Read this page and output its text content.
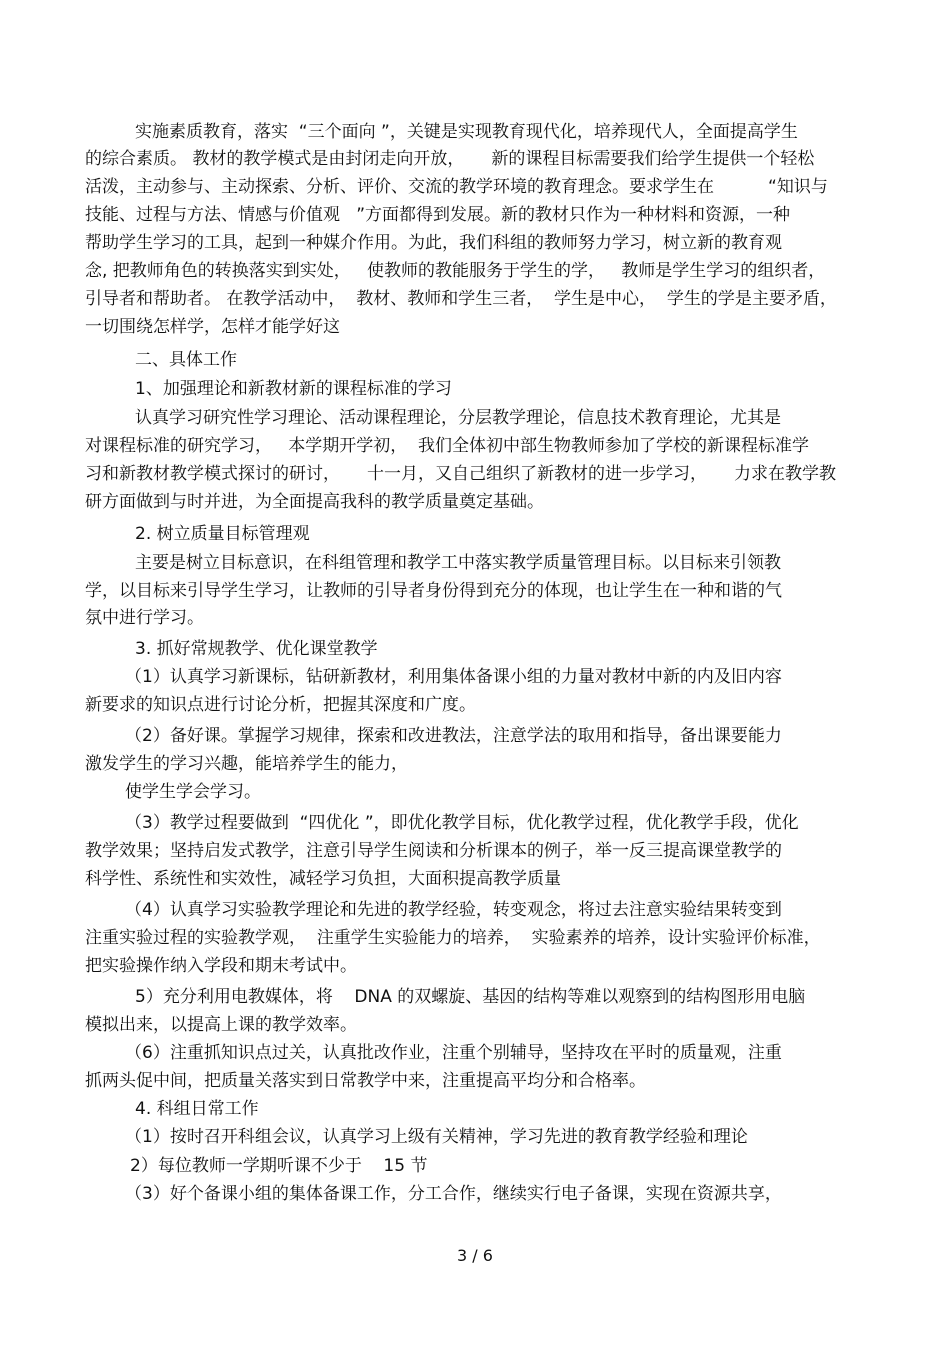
实施素质教育，落实  “三个面向 ”，关键是实现教育现代化，培养现代人，全面提高学生
的综合素质。 教材的教学模式是由封闭走向开放，     新的课程目标需要我们给学生提供一个轻松
活泼，主动参与、主动探索、分析、评价、交流的教学环境的教育理念。要求学生在          “知识与
技能、过程与方法、情感与价值观   ”方面都得到发展。新的教材只作为一种材料和资源，一种
帮助学生学习的工具，起到一种媒介作用。为此，我们科组的教师努力学习，树立新的教育观
念, 把教师角色的转换落实到实处，   使教师的教能服务于学生的学，   教师是学生学习的组织者，
引导者和帮助者。 在教学活动中，  教材、教师和学生三者，  学生是中心，  学生的学是主要矛盾，
一切围绕怎样学，怎样才能学好这
二、具体工作
1、加强理论和新教材新的课程标准的学习
认真学习研究性学习理论、活动课程理论，分层教学理论，信息技术教育理论，尤其是
对课程标准的研究学习，   本学期开学初，  我们全体初中部生物教师参加了学校的新课程标准学
习和新教材教学模式探讨的研讨，     十一月，又自己组织了新教材的进一步学习，     力求在教学教
研方面做到与时并进，为全面提高我科的教学质量奠定基础。
2. 树立质量目标管理观
主要是树立目标意识，在科组管理和教学工中落实教学质量管理目标。以目标来引领教
学，以目标来引导学生学习，让教师的引导者身份得到充分的体现，也让学生在一种和谐的气
氛中进行学习。
3. 抓好常规教学、优化课堂教学
（1）认真学习新课标，钻研新教材，利用集体备课小组的力量对教材中新的内及旧内容
新要求的知识点进行讨论分析，把握其深度和广度。
（2）备好课。掌握学习规律，探索和改进教法，注意学法的取用和指导，备出课要能力
激发学生的学习兴趣，能培养学生的能力，
使学生学会学习。
（3）教学过程要做到  “四优化 ”，即优化教学目标，优化教学过程，优化教学手段，优化
教学效果；坚持启发式教学，注意引导学生阅读和分析课本的例子，举一反三提高课堂教学的
科学性、系统性和实效性，减轻学习负担，大面积提高教学质量
（4）认真学习实验教学理论和先进的教学经验，转变观念，将过去注意实验结果转变到
注重实验过程的实验教学观，  注重学生实验能力的培养，  实验素养的培养，设计实验评价标准，
把实验操作纳入学段和期末考试中。
5）充分利用电教媒体，将    DNA 的双螺旋、基因的结构等难以观察到的结构图形用电脑
模拟出来，以提高上课的教学效率。
（6）注重抓知识点过关，认真批改作业，注重个别辅导，坚持攻在平时的质量观，注重
抓两头促中间，把质量关落实到日常教学中来，注重提高平均分和合格率。
4. 科组日常工作
（1）按时召开科组会议，认真学习上级有关精神，学习先进的教育教学经验和理论
2）每位教师一学期听课不少于    15 节
（3）好个备课小组的集体备课工作，分工合作，继续实行电子备课，实现在资源共享，
3 / 6
